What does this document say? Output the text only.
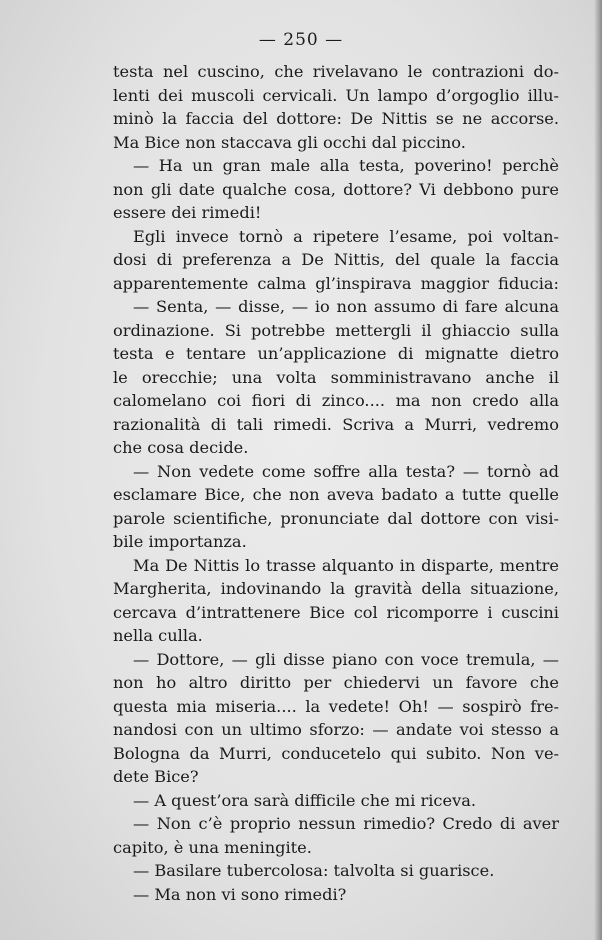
— 250 —
testa nel cuscino, che rivelavano le contrazioni do-
lenti dei muscoli cervicali. Un lampo d’orgoglio illu-
minò la faccia del dottore: De Nittis se ne accorse.
Ma Bice non staccava gli occhi dal piccino.
— Ha un gran male alla testa, poverino! perchè
non gli date qualche cosa, dottore? Vi debbono pure
essere dei rimedi!
Egli invece tornò a ripetere l’esame, poi voltan-
dosi di preferenza a De Nittis, del quale la faccia
apparentemente calma gl’inspirava maggior fiducia:
— Senta, — disse, — io non assumo di fare alcuna
ordinazione. Si potrebbe mettergli il ghiaccio sulla
testa e tentare un’applicazione di mignatte dietro
le orecchie; una volta somministravano anche il
calomelano coi fiori di zinco.... ma non credo alla
razionalità di tali rimedi. Scriva a Murri, vedremo
che cosa decide.
— Non vedete come soffre alla testa? — tornò ad
esclamare Bice, che non aveva badato a tutte quelle
parole scientifiche, pronunciate dal dottore con visi-
bile importanza.
Ma De Nittis lo trasse alquanto in disparte, mentre
Margherita, indovinando la gravità della situazione,
cercava d’intrattenere Bice col ricomporre i cuscini
nella culla.
— Dottore, — gli disse piano con voce tremula, —
non ho altro diritto per chiedervi un favore che
questa mia miseria.... la vedete! Oh! — sospirò fre-
nandosi con un ultimo sforzo: — andate voi stesso a
Bologna da Murri, conducetelo qui subito. Non ve-
dete Bice?
— A quest’ora sarà difficile che mi riceva.
— Non c’è proprio nessun rimedio? Credo di aver
capito, è una meningite.
— Basilare tubercolosa: talvolta si guarisce.
— Ma non vi sono rimedi?
